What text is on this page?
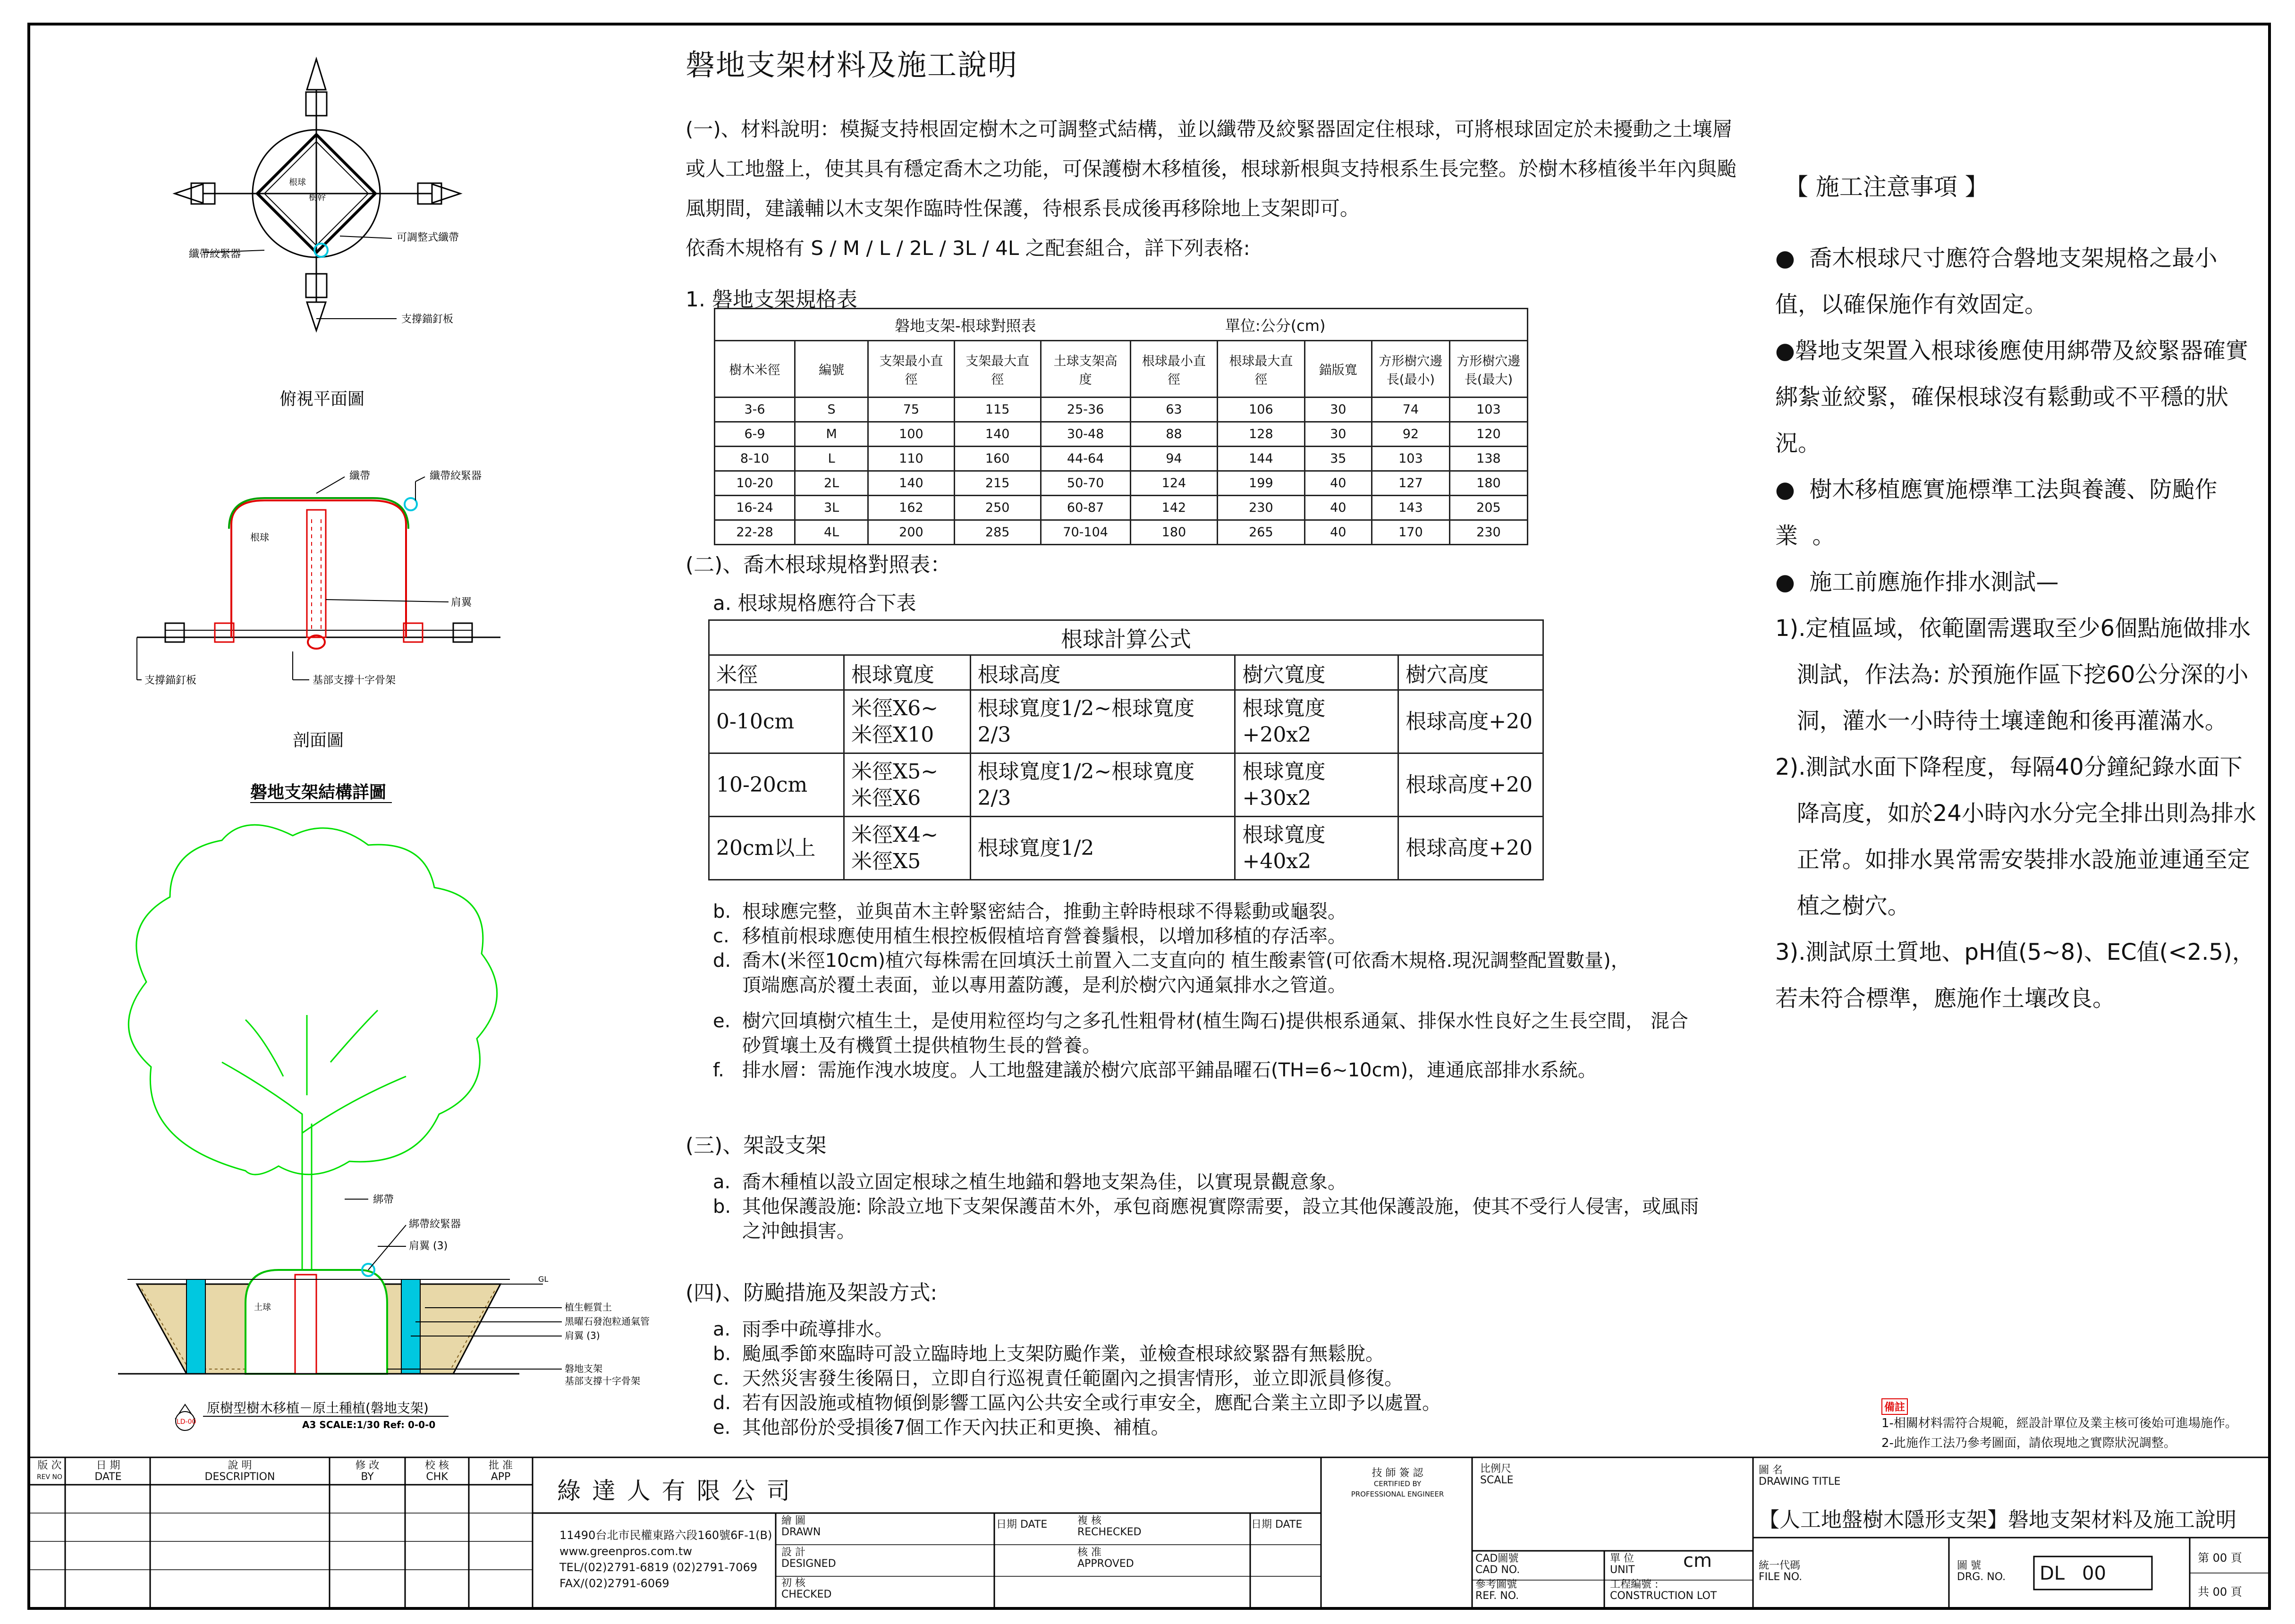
根球
樹幹
纖帶絞緊器
可調整式纖帶
支撐錨釘板
俯視平面圖
纖帶	纖帶絞緊器
根球
肩翼
支撐錨釘板	基部支撐十字骨架
剖面圖
磐地支架結構詳圖
綁帶
綁帶絞緊器
肩翼 (3)
土球
GL
植生輕質土
黑曜石發泡粒通氣管
肩翼 (3)
磐地支架
基部支撐十字骨架
LD-00
原樹型樹木移植－原土種植(磐地支架)
A3 SCALE:1/30 Ref: 0-0-0
磐地支架材料及施工說明
(一)、材料說明：模擬支持根固定樹木之可調整式結構，並以纖帶及絞緊器固定住根球，可將根球固定於未擾動之土壤層
或人工地盤上，使其具有穩定喬木之功能，可保護樹木移植後，根球新根與支持根系生長完整。於樹木移植後半年內與颱
風期間，建議輔以木支架作臨時性保護，待根系長成後再移除地上支架即可。
依喬木規格有 S / M / L / 2L / 3L / 4L 之配套組合，詳下列表格:
1. 磐地支架規格表
磐地支架-根球對照表 單位:公分(cm)									
樹木米徑	編號	支架最小直徑	支架最大直徑	土球支架高度	根球最小直徑	根球最大直徑	錨版寬	方形樹穴邊長(最小)	方形樹穴邊長(最大)
3-6	S	75	115	25-36	63	106	30	74	103
6-9	M	100	140	30-48	88	128	30	92	120
8-10	L	110	160	44-64	94	144	35	103	138
10-20	2L	140	215	50-70	124	199	40	127	180
16-24	3L	162	250	60-87	142	230	40	143	205
22-28	4L	200	285	70-104	180	265	40	170	230
(二)、喬木根球規格對照表：
a. 根球規格應符合下表
根球計算公式				
米徑	根球寬度	根球高度	樹穴寬度	樹穴高度
0-10cm	米徑X6~
米徑X10	根球寬度1/2~根球寬度2/3	根球寬度+20x2	根球高度+20
10-20cm	米徑X5~
米徑X6	根球寬度1/2~根球寬度2/3	根球寬度+30x2	根球高度+20
20cm以上	米徑X4~
米徑X5	根球寬度1/2	根球寬度+40x2	根球高度+20
b. 根球應完整，並與苗木主幹緊密結合，推動主幹時根球不得鬆動或龜裂。
c. 移植前根球應使用植生根控板假植培育營養鬚根，以增加移植的存活率。
d. 喬木(米徑10cm)植穴每株需在回填沃土前置入二支直向的 植生酸素管(可依喬木規格.現況調整配置數量)，
頂端應高於覆土表面，並以專用蓋防護，是利於樹穴內通氣排水之管道。
e. 樹穴回填樹穴植生土，是使用粒徑均勻之多孔性粗骨材(植生陶石)提供根系通氣、排保水性良好之生長空間， 混合
砂質壤土及有機質土提供植物生長的營養。
f. 排水層：需施作洩水坡度。人工地盤建議於樹穴底部平鋪晶曜石(TH=6~10cm)，連通底部排水系統。
(三)、架設支架
a. 喬木種植以設立固定根球之植生地錨和磐地支架為佳，以實現景觀意象。
b. 其他保護設施: 除設立地下支架保護苗木外，承包商應視實際需要，設立其他保護設施，使其不受行人侵害，或風雨
之沖蝕損害。
(四)、防颱措施及架設方式:
a. 雨季中疏導排水。
b. 颱風季節來臨時可設立臨時地上支架防颱作業，並檢查根球絞緊器有無鬆脫。
c. 天然災害發生後隔日，立即自行巡視責任範圍內之損害情形，並立即派員修復。
d. 若有因設施或植物傾倒影響工區內公共安全或行車安全，應配合業主立即予以處置。
e. 其他部份於受損後7個工作天內扶正和更換、補植。
【 施工注意事項 】
●  喬木根球尺寸應符合磐地支架規格之最小
值，以確保施作有效固定。
●磐地支架置入根球後應使用綁帶及絞緊器確實
綁紮並絞緊，確保根球沒有鬆動或不平穩的狀
況。
●  樹木移植應實施標準工法與養護、防颱作
業  。
●  施工前應施作排水測試—
1).定植區域，依範圍需選取至少6個點施做排水
測試，作法為: 於預施作區下挖60公分深的小
洞，灌水一小時待土壤達飽和後再灌滿水。
2).測試水面下降程度，每隔40分鐘紀錄水面下
降高度，如於24小時內水分完全排出則為排水
正常。如排水異常需安裝排水設施並連通至定
植之樹穴。
3).測試原土質地、pH值(5~8)、EC值(<2.5)，
若未符合標準，應施作土壤改良。
備註
1-相關材料需符合規範，經設計單位及業主核可後始可進場施作。
2-此施作工法乃參考圖面，請依現地之實際狀況調整。
版 次
REV NO
日 期
DATE
說 明
DESCRIPTION
修 改
BY
校 核
CHK
批 准
APP
綠 達 人 有 限 公 司
11490台北市民權東路六段160號6F-1(B)
www.greenpros.com.tw
TEL/(02)2791-6819 (02)2791-7069
FAX/(02)2791-6069
繪 圖
DRAWN
設 計
DESIGNED
初 核
CHECKED
日期 DATE	複 核
RECHECKED
核 准
APPROVED
日期 DATE
技 師 簽 認
CERTIFIED BY
PROFESSIONAL ENGINEER
比例尺
SCALE
CAD圖號
CAD NO.
參考圖號
REF. NO.
單 位
UNIT	cm
工程編號 :
CONSTRUCTION LOT
圖 名
DRAWING TITLE
【人工地盤樹木隱形支架】磐地支架材料及施工說明
統一代碼
FILE NO.
圖 號
DRG. NO. DL 00
第 00 頁
共 00 頁
